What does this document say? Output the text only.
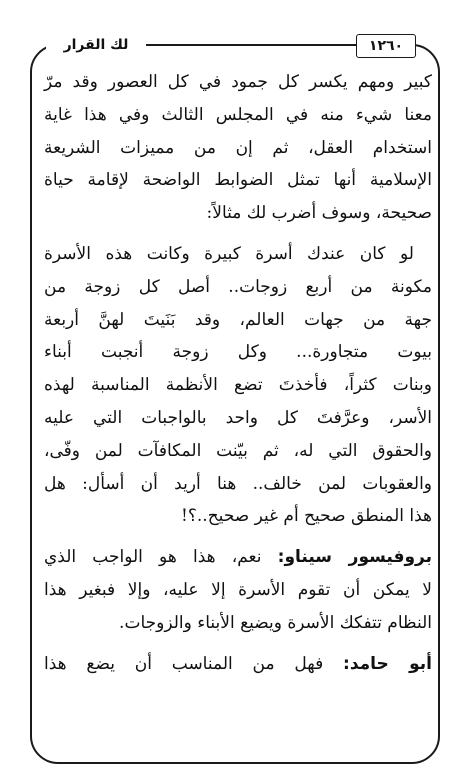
١٢٦٠
لك القرار
كبير ومهم يكسر كل جمود في كل العصور وقد مرّ
معنا شيء منه في المجلس الثالث وفي هذا غاية
استخدام العقل، ثم إن من مميزات الشريعة
الإسلامية أنها تمثل الضوابط الواضحة لإقامة حياة
صحيحة، وسوف أضرب لك مثالاً:
لو كان عندك أسرة كبيرة وكانت هذه الأسرة
مكونة من أربع زوجات.. أصل كل زوجة من
جهة من جهات العالم، وقد بَنَيتَ لهنَّ أربعة
بيوت متجاورة... وكل زوجة أنجبت أبناء
وبنات كثراً، فأخذتَ تضع الأنظمة المناسبة لهذه
الأسر، وعرَّفتَ كل واحد بالواجبات التي عليه
والحقوق التي له، ثم بيّنت المكافآت لمن وفّى،
والعقوبات لمن خالف.. هنا أريد أن أسأل: هل
هذا المنطق صحيح أم غير صحيح..؟!
بروفيسور سيناو: نعم، هذا هو الواجب الذي
لا يمكن أن تقوم الأسرة إلا عليه، وإلا فبغير هذا
النظام تتفكك الأسرة ويضيع الأبناء والزوجات.
أبو حامد: فهل من المناسب أن يضع هذا
